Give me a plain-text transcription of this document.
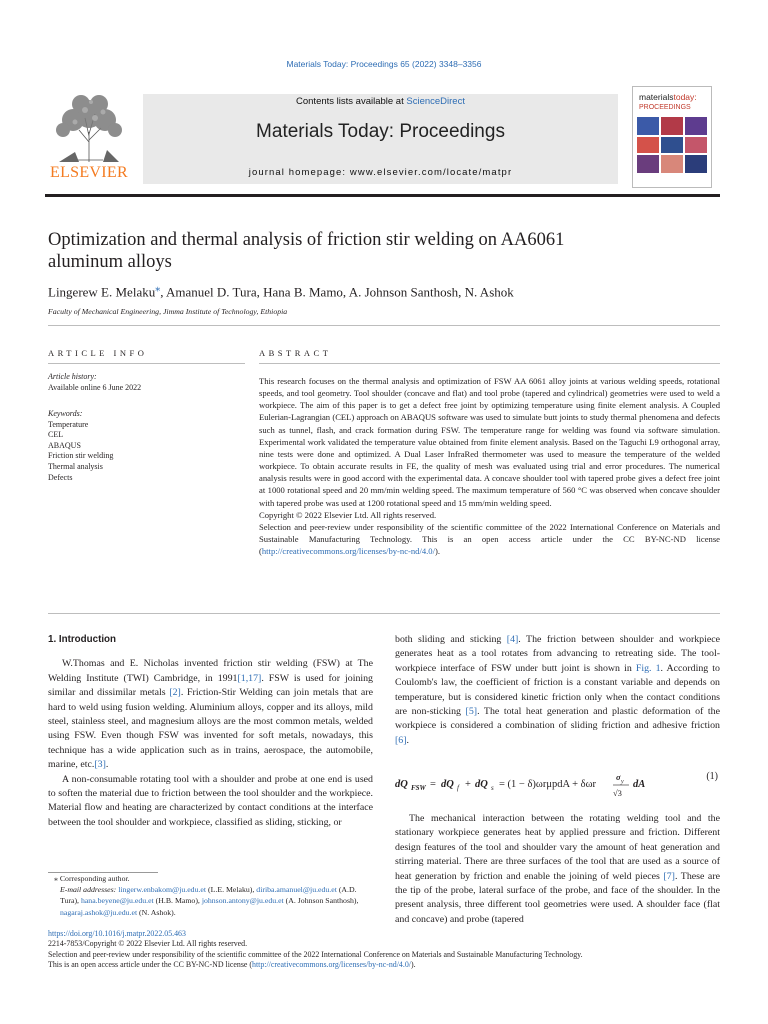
Materials Today: Proceedings 65 (2022) 3348–3356
ELSEVIER
Contents lists available at ScienceDirect
Materials Today: Proceedings
journal homepage: www.elsevier.com/locate/matpr
materialstoday:
PROCEEDINGS
Optimization and thermal analysis of friction stir welding on AA6061
aluminum alloys
Lingerew E. Melaku⁎, Amanuel D. Tura, Hana B. Mamo, A. Johnson Santhosh, N. Ashok
Faculty of Mechanical Engineering, Jimma Institute of Technology, Ethiopia
ARTICLE INFO
Article history:
Available online 6 June 2022
Keywords:
Temperature
CEL
ABAQUS
Friction stir welding
Thermal analysis
Defects
ABSTRACT
This research focuses on the thermal analysis and optimization of FSW AA 6061 alloy joints at various welding speeds, rotational speeds, and tool geometry. Tool shoulder (concave and flat) and tool probe (tapered and cylindrical) geometries were used to weld a workpiece. The aim of this paper is to get a defect free joint by optimizing temperature using finite element analysis. A Coupled Eulerian-Lagrangian (CEL) approach on ABAQUS software was used to simulate butt joints to study thermal phenomena and defects such as tunnel, flash, and crack formation during FSW. The temperature range for welding was found via software simulation. Experimental work validated the temperature value obtained from finite element analysis. Based on the Taguchi L9 orthogonal array, nine tests were done and optimized. A Dual Laser InfraRed thermometer was used to measure the temperature of the welded workpiece. To obtain accurate results in FE, the quality of mesh was evaluated using trial and error procedures. The numerical analysis results were in good accord with the experimental data. A concave shoulder tool with tapered probe gives a defect free joint at 1000 rotational speed and 20 mm/min welding speed. The maximum temperature of 560 °C was observed when concave shoulder with tapered probe was used at 1200 rotational speed and 15 mm/min welding speed.
Copyright © 2022 Elsevier Ltd. All rights reserved.
Selection and peer-review under responsibility of the scientific committee of the 2022 International Conference on Materials and Sustainable Manufacturing Technology. This is an open access article under the CC BY-NC-ND license (http://creativecommons.org/licenses/by-nc-nd/4.0/).

1. Introduction

W.Thomas and E. Nicholas invented friction stir welding (FSW) at The Welding Institute (TWI) Cambridge, in 1991[1,17]. FSW is used for joining similar and dissimilar metals [2]. Friction-Stir Welding can join metals that are hard to weld using fusion welding. Aluminium alloys, copper and its alloys, mild steel, stainless steel, and magnesium alloys are the most common metals, welded using FSW. Even though FSW was invented for soft metals, nowadays, this technique has a wide application such as in trains, aerospace, the automobile, marine, etc.[3].

A non-consumable rotating tool with a shoulder and probe at one end is used to soften the material due to friction between the tool shoulder and the workpiece. Material flow and heating are characterized by contact conditions at the interface between the tool shoulder and workpiece, classified as sliding, sticking, or

both sliding and sticking [4]. The friction between shoulder and workpiece generates heat as a tool rotates from advancing to retreating side. The tool-workpiece interface of FSW under butt joint is shown in Fig. 1. According to Coulomb's law, the coefficient of friction is a constant variable and depends on temperature, but is considered kinetic friction only when the contact conditions are non-sticking [5]. The total heat generation and plastic deformation of the workpiece is considered a combination of sliding friction and adhesive friction [6].

dQ FSW = dQ f + dQ s = (1 − δ)ωrμpdA + δωr
σ y
√3
dA
(1)

The mechanical interaction between the rotating welding tool and the stationary workpiece generates heat by applied pressure and friction. Different design features of the tool and shoulder vary the amount of heat generation and stirring material. There are three surfaces of the tool that are used as a source of heat generation by friction and enable the joining of weld pieces [7]. These are the tip of the probe, lateral surface of the probe, and face of the shoulder. In the present analysis, three different tool geometries were used. A shoulder face (flat and concave) and probe (tapered

⁎ Corresponding author.
E-mail addresses: lingerw.enbakom@ju.edu.et (L.E. Melaku), diriba.amanuel@ju.edu.et (A.D. Tura), hana.beyene@ju.edu.et (H.B. Mamo), johnson.antony@ju.edu.et (A. Johnson Santhosh), nagaraj.ashok@ju.edu.et (N. Ashok).
https://doi.org/10.1016/j.matpr.2022.05.463
2214-7853/Copyright © 2022 Elsevier Ltd. All rights reserved.
Selection and peer-review under responsibility of the scientific committee of the 2022 International Conference on Materials and Sustainable Manufacturing Technology.
This is an open access article under the CC BY-NC-ND license (http://creativecommons.org/licenses/by-nc-nd/4.0/).
